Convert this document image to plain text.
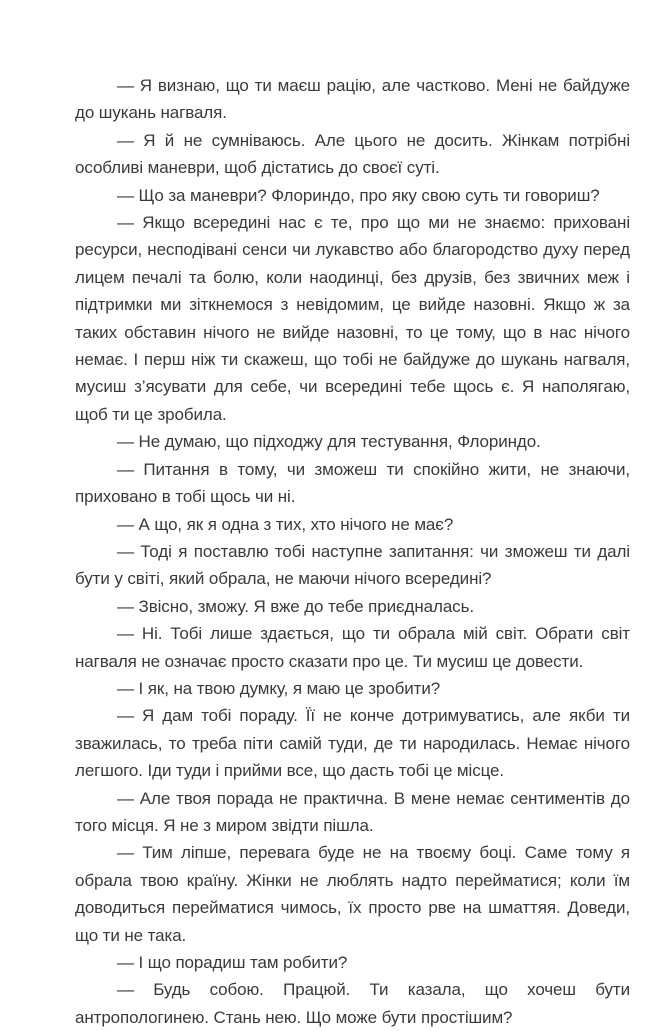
— Я визнаю, що ти маєш рацію, але частково. Мені не байдуже до шукань нагваля.

— Я й не сумніваюсь. Але цього не досить. Жінкам потрібні особливі маневри, щоб дістатись до своєї суті.

— Що за маневри? Флориндо, про яку свою суть ти говориш?

— Якщо всередині нас є те, про що ми не знаємо: приховані ресурси, несподівані сенси чи лукавство або благородство духу перед лицем печалі та болю, коли наодинці, без друзів, без звичних меж і підтримки ми зіткнемося з невідомим, це вийде назовні. Якщо ж за таких обставин нічого не вийде назовні, то це тому, що в нас нічого немає. І перш ніж ти скажеш, що тобі не байдуже до шукань нагваля, мусиш з’ясувати для себе, чи всередині тебе щось є. Я наполягаю, щоб ти це зробила.

— Не думаю, що підходжу для тестування, Флориндо.

— Питання в тому, чи зможеш ти спокійно жити, не знаючи, приховано в тобі щось чи ні.

— А що, як я одна з тих, хто нічого не має?

— Тоді я поставлю тобі наступне запитання: чи зможеш ти далі бути у світі, який обрала, не маючи нічого всередині?

— Звісно, зможу. Я вже до тебе приєдналась.

— Ні. Тобі лише здається, що ти обрала мій світ. Обрати світ нагваля не означає просто сказати про це. Ти мусиш це довести.

— І як, на твою думку, я маю це зробити?

— Я дам тобі пораду. Її не конче дотримуватись, але якби ти зважилась, то треба піти самій туди, де ти народилась. Немає нічого легшого. Іди туди і прийми все, що дасть тобі це місце.

— Але твоя порада не практична. В мене немає сентиментів до того місця. Я не з миром звідти пішла.

— Тим ліпше, перевага буде не на твоєму боці. Саме тому я обрала твою країну. Жінки не люблять надто перейматися; коли їм доводиться перейматися чимось, їх просто рве на шматтяя. Доведи, що ти не така.

— І що порадиш там робити?

— Будь собою. Працюй. Ти казала, що хочеш бути антропологинею. Стань нею. Що може бути простішим?
